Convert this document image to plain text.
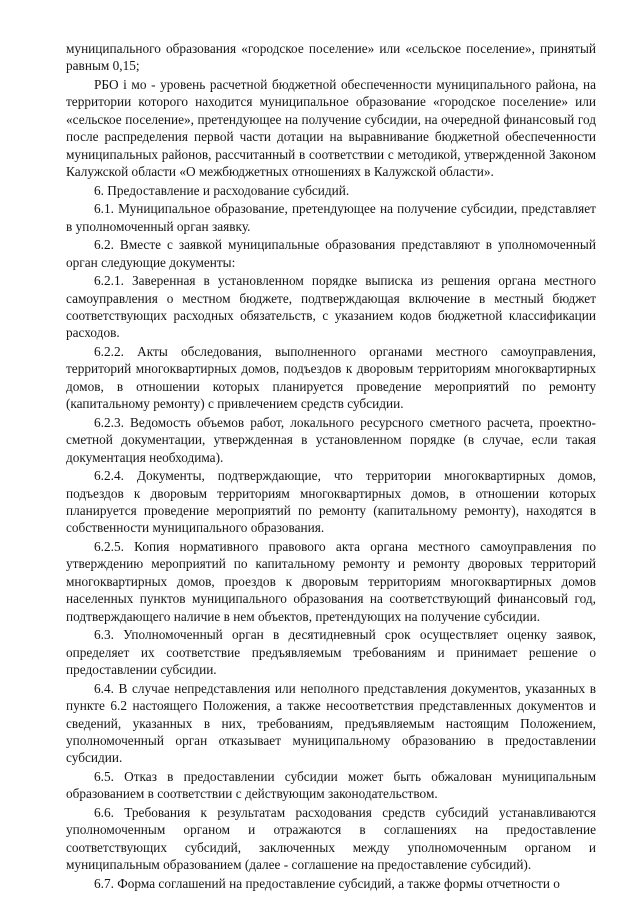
муниципального образования «городское поселение» или «сельское поселение», принятый равным 0,15;

РБО i мо - уровень расчетной бюджетной обеспеченности муниципального района, на территории которого находится муниципальное образование «городское поселение» или «сельское поселение», претендующее на получение субсидии, на очередной финансовый год после распределения первой части дотации на выравнивание бюджетной обеспеченности муниципальных районов, рассчитанный в соответствии с методикой, утвержденной Законом Калужской области «О межбюджетных отношениях в Калужской области».

6. Предоставление и расходование субсидий.

6.1. Муниципальное образование, претендующее на получение субсидии, представляет в уполномоченный орган заявку.

6.2. Вместе с заявкой муниципальные образования представляют в уполномоченный орган следующие документы:

6.2.1. Заверенная в установленном порядке выписка из решения органа местного самоуправления о местном бюджете, подтверждающая включение в местный бюджет соответствующих расходных обязательств, с указанием кодов бюджетной классификации расходов.

6.2.2. Акты обследования, выполненного органами местного самоуправления, территорий многоквартирных домов, подъездов к дворовым территориям многоквартирных домов, в отношении которых планируется проведение мероприятий по ремонту (капитальному ремонту) с привлечением средств субсидии.

6.2.3. Ведомость объемов работ, локального ресурсного сметного расчета, проектно-сметной документации, утвержденная в установленном порядке (в случае, если такая документация необходима).

6.2.4. Документы, подтверждающие, что территории многоквартирных домов, подъездов к дворовым территориям многоквартирных домов, в отношении которых планируется проведение мероприятий по ремонту (капитальному ремонту), находятся в собственности муниципального образования.

6.2.5. Копия нормативного правового акта органа местного самоуправления по утверждению мероприятий по капитальному ремонту и ремонту дворовых территорий многоквартирных домов, проездов к дворовым территориям многоквартирных домов населенных пунктов муниципального образования на соответствующий финансовый год, подтверждающего наличие в нем объектов, претендующих на получение субсидии.

6.3. Уполномоченный орган в десятидневный срок осуществляет оценку заявок, определяет их соответствие предъявляемым требованиям и принимает решение о предоставлении субсидии.

6.4. В случае непредставления или неполного представления документов, указанных в пункте 6.2 настоящего Положения, а также несоответствия представленных документов и сведений, указанных в них, требованиям, предъявляемым настоящим Положением, уполномоченный орган отказывает муниципальному образованию в предоставлении субсидии.

6.5. Отказ в предоставлении субсидии может быть обжалован муниципальным образованием в соответствии с действующим законодательством.

6.6. Требования к результатам расходования средств субсидий устанавливаются уполномоченным органом и отражаются в соглашениях на предоставление соответствующих субсидий, заключенных между уполномоченным органом и муниципальным образованием (далее - соглашение на предоставление субсидий).

6.7. Форма соглашений на предоставление субсидий, а также формы отчетности о
